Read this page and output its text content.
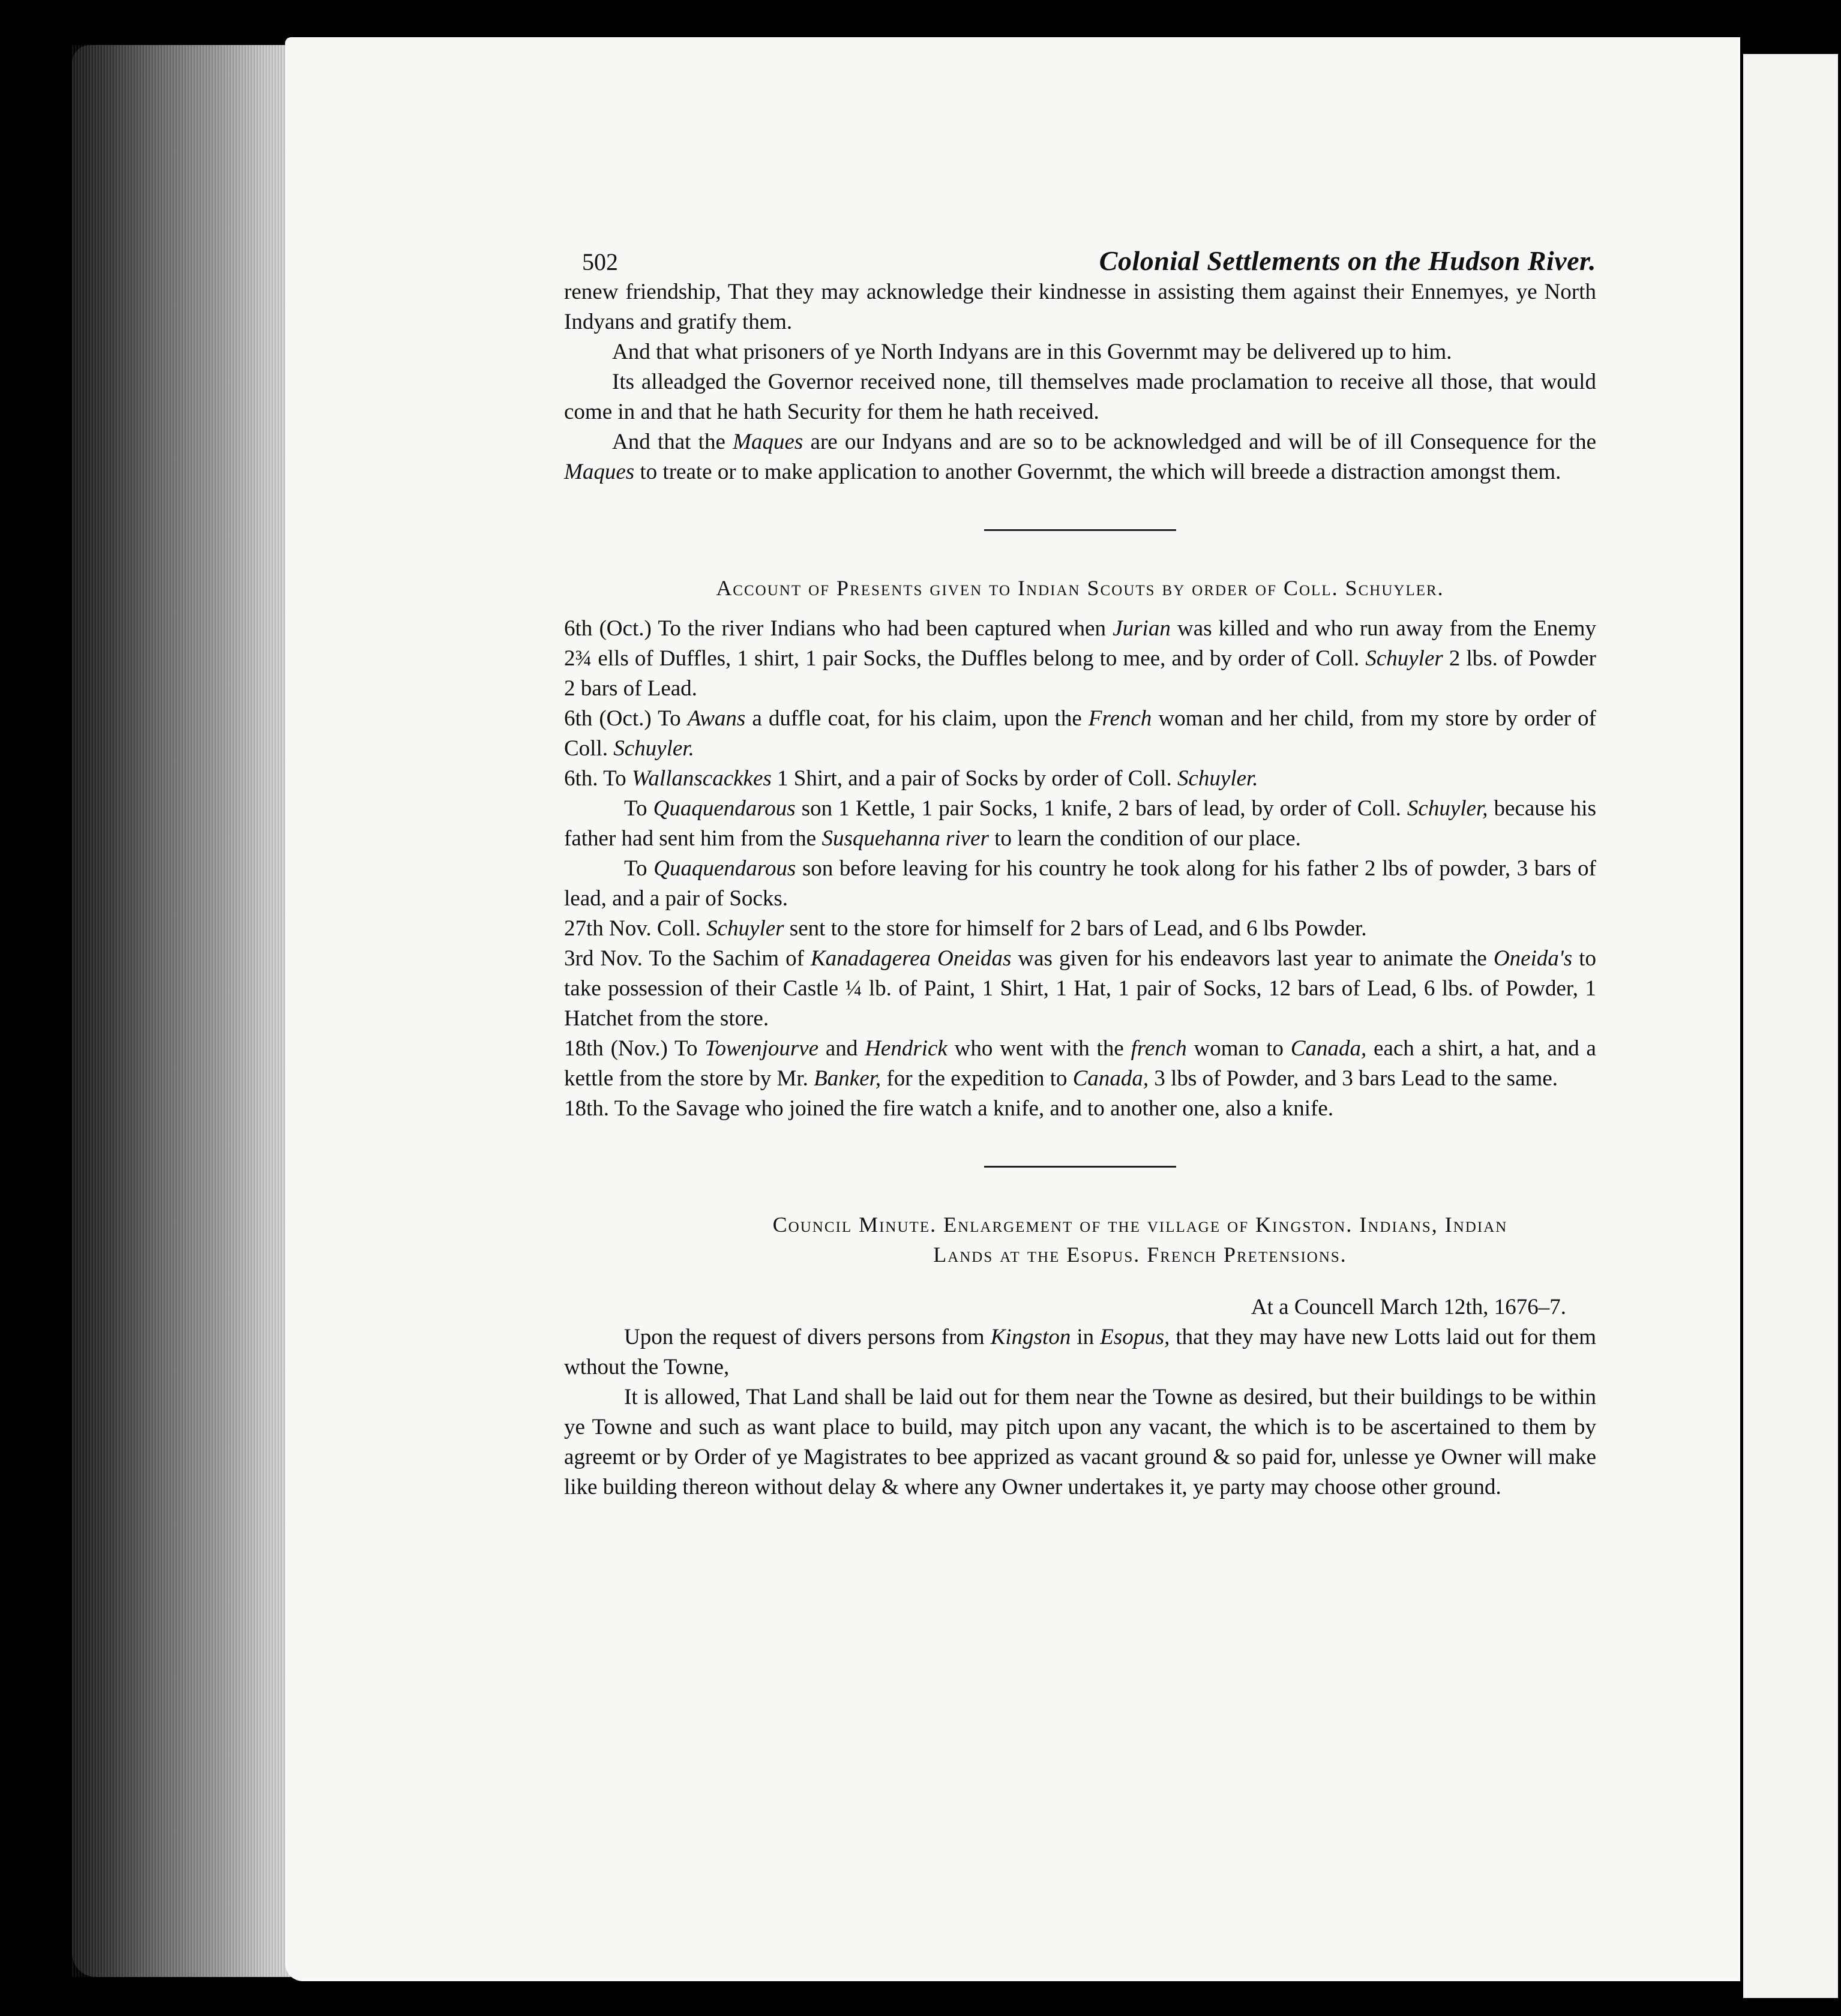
502	Colonial Settlements on the Hudson River.

renew friendship, That they may acknowledge their kindnesse in assisting them against their Ennemyes, ye North Indyans and gratify them.

And that what prisoners of ye North Indyans are in this Governmt may be delivered up to him.

Its alleadged the Governor received none, till themselves made proclamation to receive all those, that would come in and that he hath Security for them he hath received.

And that the Maques are our Indyans and are so to be acknowledged and will be of ill Consequence for the Maques to treate or to make application to another Governmt, the which will breede a distraction amongst them.

Account of Presents given to Indian Scouts by order of Coll. Schuyler.

6th (Oct.) To the river Indians who had been captured when Jurian was killed and who run away from the Enemy 2¾ ells of Duffles, 1 shirt, 1 pair Socks, the Duffles belong to mee, and by order of Coll. Schuyler 2 lbs. of Powder 2 bars of Lead.

6th (Oct.) To Awans a duffle coat, for his claim, upon the French woman and her child, from my store by order of Coll. Schuyler.

6th. To Wallanscackkes 1 Shirt, and a pair of Socks by order of Coll. Schuyler.

To Quaquendarous son 1 Kettle, 1 pair Socks, 1 knife, 2 bars of lead, by order of Coll. Schuyler, because his father had sent him from the Susquehanna river to learn the condition of our place.

To Quaquendarous son before leaving for his country he took along for his father 2 lbs of powder, 3 bars of lead, and a pair of Socks.

27th Nov. Coll. Schuyler sent to the store for himself for 2 bars of Lead, and 6 lbs Powder.

3rd Nov. To the Sachim of Kanadagerea Oneidas was given for his endeavors last year to animate the Oneida's to take possession of their Castle ¼ lb. of Paint, 1 Shirt, 1 Hat, 1 pair of Socks, 12 bars of Lead, 6 lbs. of Powder, 1 Hatchet from the store.

18th (Nov.) To Towenjourve and Hendrick who went with the french woman to Canada, each a shirt, a hat, and a kettle from the store by Mr. Banker, for the expedition to Canada, 3 lbs of Powder, and 3 bars Lead to the same.

18th. To the Savage who joined the fire watch a knife, and to another one, also a knife.

Council Minute. Enlargement of the village of Kingston. Indians, Indian
Lands at the Esopus. French Pretensions.
At a Councell March 12th, 1676–7.

Upon the request of divers persons from Kingston in Esopus, that they may have new Lotts laid out for them wthout the Towne,

It is allowed, That Land shall be laid out for them near the Towne as desired, but their buildings to be within ye Towne and such as want place to build, may pitch upon any vacant, the which is to be ascertained to them by agreemt or by Order of ye Magistrates to bee apprized as vacant ground & so paid for, unlesse ye Owner will make like building thereon without delay & where any Owner undertakes it, ye party may choose other ground.
